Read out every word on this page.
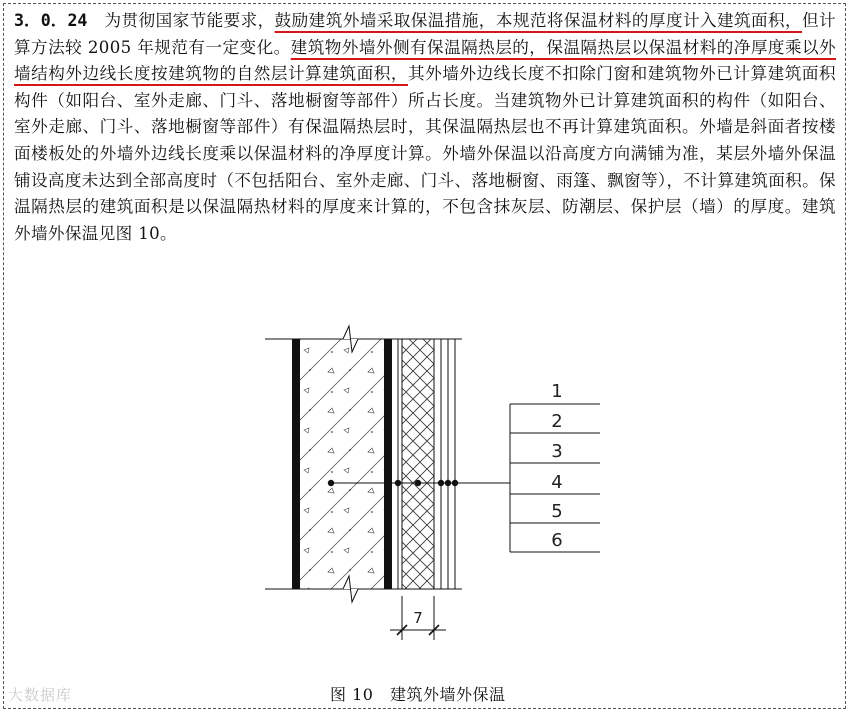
3．0．24　 为贯彻国家节能要求，鼓励建筑外墙采取保温措施，本规范将保温材料的厚度计入建筑面积，但计算方法较 2005 年规范有一定变化。建筑物外墙外侧有保温隔热层的，保温隔热层以保温材料的净厚度乘以外墙结构外边线长度按建筑物的自然层计算建筑面积，其外墙外边线长度不扣除门窗和建筑物外已计算建筑面积构件（如阳台、室外走廊、门斗、落地橱窗等部件）所占长度。当建筑物外已计算建筑面积的构件（如阳台、室外走廊、门斗、落地橱窗等部件）有保温隔热层时，其保温隔热层也不再计算建筑面积。外墙是斜面者按楼面楼板处的外墙外边线长度乘以保温材料的净厚度计算。外墙外保温以沿高度方向满铺为准，某层外墙外保温铺设高度未达到全部高度时（不包括阳台、室外走廊、门斗、落地橱窗、雨篷、飘窗等），不计算建筑面积。保温隔热层的建筑面积是以保温隔热材料的厚度来计算的，不包含抹灰层、防潮层、保护层（墙）的厚度。建筑外墙外保温见图 10。
1
2
3
4
5
6
7
图 10　建筑外墙外保温
大数据库
